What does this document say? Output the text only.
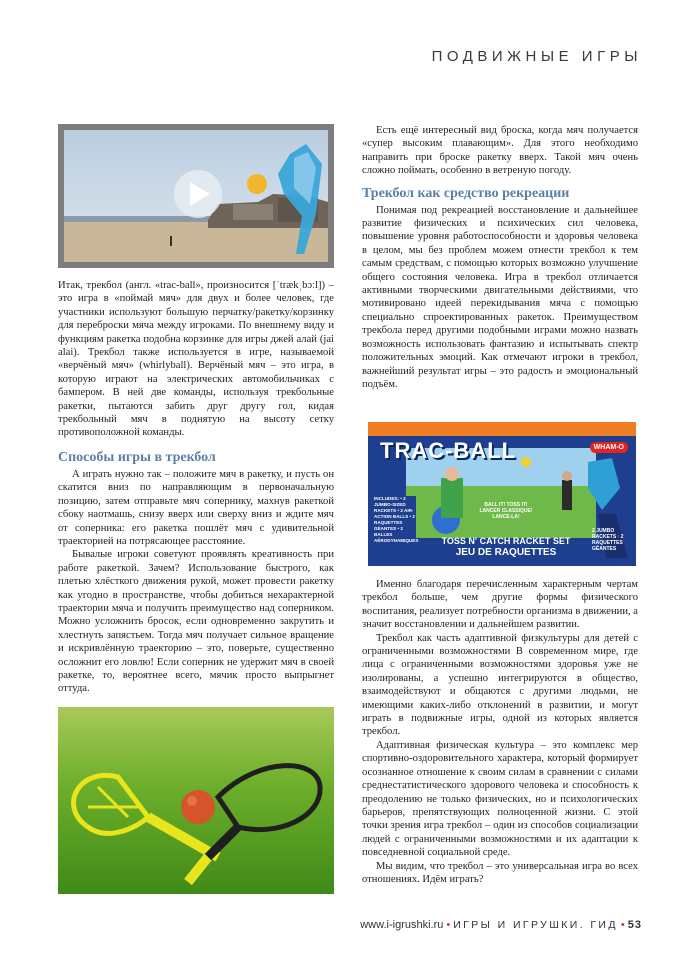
ПОДВИЖНЫЕ ИГРЫ

Итак, трекбол (англ. «trac-ball», произносится [ˈtrækˌbɔːl]) – это игра в «поймай мяч» для двух и более человек, где участники используют большую перчатку/ракетку/корзинку для переброски мяча между игроками. По внешнему виду и функциям ракетка подобна корзинке для игры джей алай (jai alai). Трекбол также используется в игре, называемой «верчёный мяч» (whirlyball). Верчёный мяч – это игра, в которую играют на электрических автомобильчиках с бампером. В ней две команды, используя трекбольные ракетки, пытаются забить друг другу гол, кидая трекбольный мяч в поднятую на высоту сетку противоположной команды.

Способы игры в трекбол

А играть нужно так – положите мяч в ракетку, и пусть он скатится вниз по направляющим в первоначальную позицию, затем отправьте мяч сопернику, махнув ракеткой сбоку наотмашь, снизу вверх или сверху вниз и ждите мяч от соперника: его ракетка пошлёт мяч с удивительной траекторией на потрясающее расстояние.

Бывалые игроки советуют проявлять креативность при работе ракеткой. Зачем? Использование быстрого, как плетью хлёсткого движения рукой, может провести ракетку как угодно в пространстве, чтобы добиться нехарактерной траектории мяча и получить преимущество над соперником. Можно усложнить бросок, если одновременно закрутить и хлестнуть запястьем. Тогда мяч получает сильное вращение и искривлённую траекторию – это, поверьте, существенно осложнит его ловлю! Если соперник не удержит мяч в своей ракетке, то, вероятнее всего, мячик просто выпрыгнет оттуда.

Есть ещё интересный вид броска, когда мяч получается «супер высоким плавающим». Для этого необходимо направить при броске ракетку вверх. Такой мяч очень сложно поймать, особенно в ветреную погоду.

Трекбол как средство рекреации

Понимая под рекреацией восстановление и дальнейшее развитие физических и психических сил человека, повышение уровня работоспособности и здоровья человека в целом, мы без проблем можем отнести трекбол к тем самым средствам, с помощью которых возможно улучшение общего состояния человека. Игра в трекбол отличается активными творческими двигательными действиями, что мотивировано идеей перекидывания мяча с помощью специально спроектированных ракеток. Преимуществом трекбола перед другими подобными играми можно назвать возможность использовать фантазию и испытывать спектр положительных эмоций. Как отмечают игроки в трекбол, важнейший результат игры – это радость и эмоциональный подъём.

TRAC-BALL	WHAM-O
INCLUDES: • 2 JUMBO-SIZED RACKETS • 2 AIR-ACTION BALLS • 2 RAQUETTES GÉANTES • 2 BALLES AÉRODYNAMIQUES
BALL IT! TOSS IT! LANCER CLASSIQUE! LANCE-LA!
TOSS N' CATCH RACKET SET
JEU DE RAQUETTES
2 JUMBO RACKETS · 2 RAQUETTES GÉANTES

Именно благодаря перечисленным характерным чертам трекбол больше, чем другие формы физического воспитания, реализует потребности организма в движении, а значит восстановлении и дальнейшем развитии.

Трекбол как часть адаптивной физкультуры для детей с ограниченными возможностями В современном мире, где лица с ограниченными возможностями здоровья уже не изолированы, а успешно интегрируются в общество, взаимодействуют и общаются с другими людьми, не имеющими каких-либо отклонений в развитии, и могут играть в подвижные игры, одной из которых является трекбол.

Адаптивная физическая культура – это комплекс мер спортивно-оздоровительного характера, который формирует осознанное отношение к своим силам в сравнении с силами среднестатистического здорового человека и способность к преодолению не только физических, но и психологических барьеров, препятствующих полноценной жизни. С этой точки зрения игра трекбол – один из способов социализации людей с ограниченными возможностями и их адаптации к повседневной социальной среде.

Мы видим, что трекбол – это универсальная игра во всех отношениях. Идём играть?

www.i-igrushki.ru • ИГРЫ И ИГРУШКИ. ГИД • 53
